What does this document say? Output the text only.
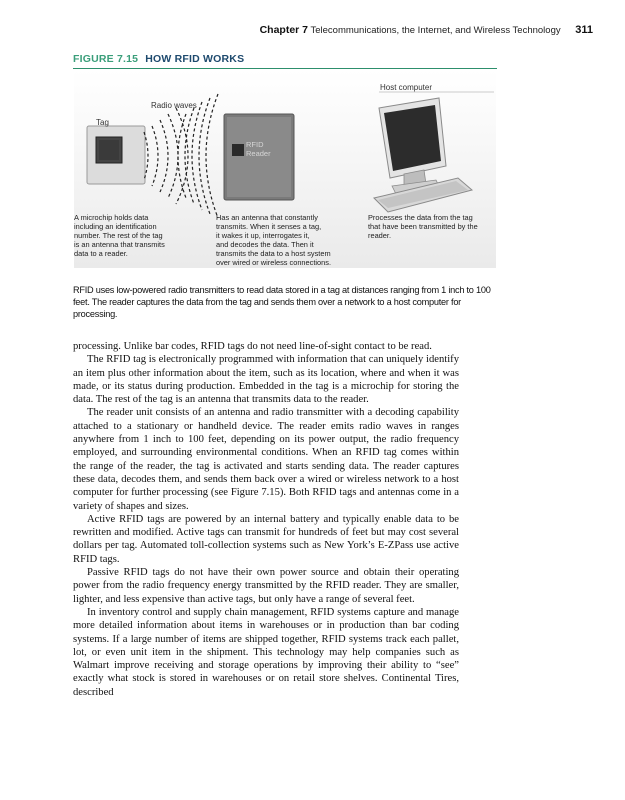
Chapter 7 Telecommunications, the Internet, and Wireless Technology 311
FIGURE 7.15 HOW RFID WORKS
Host computer
Radio waves
Tag
RFID
Reader
A microchip holds data
including an identification
number. The rest of the tag
is an antenna that transmits
data to a reader.
Has an antenna that constantly
transmits. When it senses a tag,
it wakes it up, interrogates it,
and decodes the data. Then it
transmits the data to a host system
over wired or wireless connections.
Processes the data from the tag
that have been transmitted by the
reader.
RFID uses low-powered radio transmitters to read data stored in a tag at distances ranging from 1 inch to 100 feet. The reader captures the data from the tag and sends them over a network to a host computer for processing.

processing. Unlike bar codes, RFID tags do not need line-of-sight contact to be read.

The RFID tag is electronically programmed with information that can uniquely identify an item plus other information about the item, such as its location, where and when it was made, or its status during production. Embedded in the tag is a microchip for storing the data. The rest of the tag is an antenna that transmits data to the reader.

The reader unit consists of an antenna and radio transmitter with a decoding capability attached to a stationary or handheld device. The reader emits radio waves in ranges anywhere from 1 inch to 100 feet, depending on its power output, the radio frequency employed, and surrounding environmental conditions. When an RFID tag comes within the range of the reader, the tag is activated and starts sending data. The reader captures these data, decodes them, and sends them back over a wired or wireless network to a host computer for further processing (see Figure 7.15). Both RFID tags and antennas come in a variety of shapes and sizes.

Active RFID tags are powered by an internal battery and typically enable data to be rewritten and modified. Active tags can transmit for hundreds of feet but may cost several dollars per tag. Automated toll-collection systems such as New York’s E-ZPass use active RFID tags.

Passive RFID tags do not have their own power source and obtain their operating power from the radio frequency energy transmitted by the RFID reader. They are smaller, lighter, and less expensive than active tags, but only have a range of several feet.

In inventory control and supply chain management, RFID systems capture and manage more detailed information about items in warehouses or in production than bar coding systems. If a large number of items are shipped together, RFID systems track each pallet, lot, or even unit item in the shipment. This technology may help companies such as Walmart improve receiving and storage operations by improving their ability to “see” exactly what stock is stored in warehouses or on retail store shelves. Continental Tires, described
